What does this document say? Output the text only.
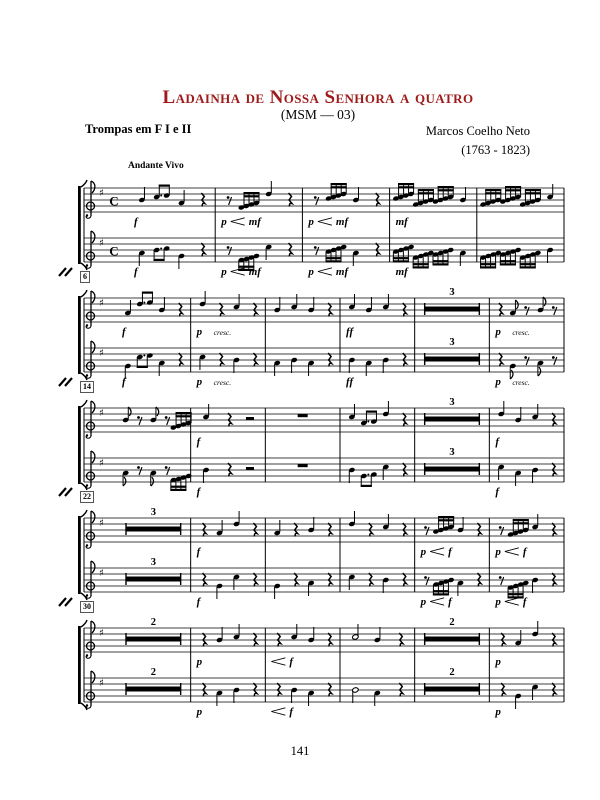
Ladainha de Nossa Senhora a quatro
(MSM — 03)
Trompas em F I e II	Marcos Coelho Neto
(1763 - 1823)
Andante Vivo
♯ C
♯ C
f	p mf	p mf	mf
f	p mf	p mf	mf
6
♯
♯
f	p cresc.	ff
3
p cresc.
f	p cresc.	ff
3
p cresc.
14
♯
♯
f
3
f
f
3
f
22
♯
♯
3
f	p f	p f
3
f	p f	p f
30
♯
♯
2
p	f
2
p
2
p	f
2
p
141
